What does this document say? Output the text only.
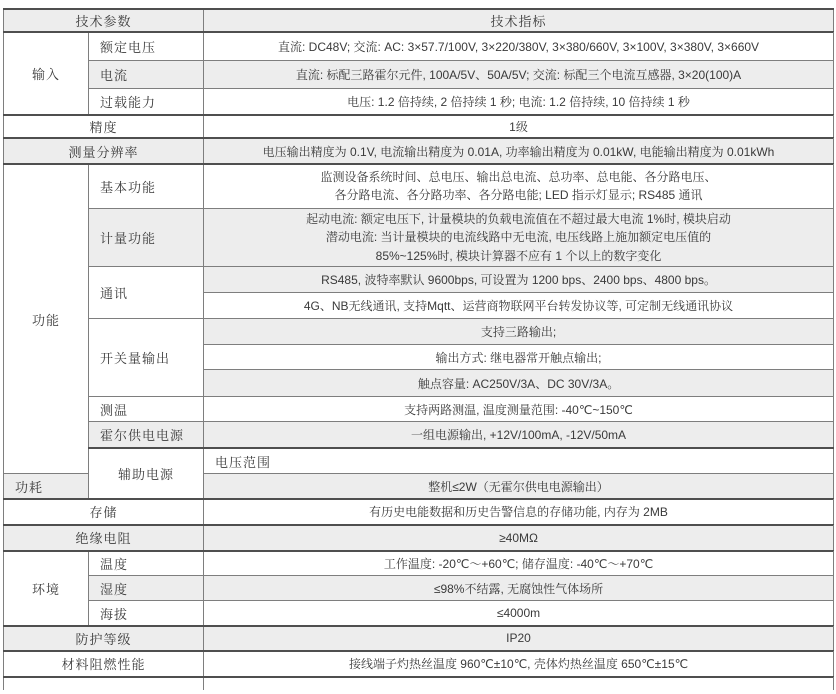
技术参数		技术指标	
输入	额定电压	直流: DC48V; 交流: AC: 3×57.7/100V, 3×220/380V, 3×380/660V, 3×100V, 3×380V, 3×660V	
	电流	直流: 标配三路霍尔元件, 100A/5V、50A/5V; 交流: 标配三个电流互感器, 3×20(100)A	
	过载能力	电压: 1.2 倍持续, 2 倍持续 1 秒; 电流: 1.2 倍持续, 10 倍持续 1 秒	
精度		1级	
测量分辨率		电压输出精度为 0.1V, 电流输出精度为 0.01A, 功率输出精度为 0.01kW, 电能输出精度为 0.01kWh	
功能	基本功能	监测设备系统时间、总电压、输出总电流、总功率、总电能、各分路电压、
各分路电流、各分路功率、各分路电能; LED 指示灯显示; RS485 通讯	

	计量功能	起动电流: 额定电压下, 计量模块的负载电流值在不超过最大电流 1%时, 模块启动
潜动电流: 当计量模块的电流线路中无电流, 电压线路上施加额定电压值的
85%~125%时, 模块计算器不应有 1 个以上的数字变化	

	通讯	RS485, 波特率默认 9600bps, 可设置为 1200 bps、2400 bps、4800 bps。	
		4G、NB无线通讯, 支持Mqtt、运营商物联网平台转发协议等, 可定制无线通讯协议	
	开关量输出	支持三路输出;	
		输出方式: 继电器常开触点输出;	
		触点容量: AC250V/3A、DC 30V/3A。	
	测温	支持两路测温, 温度测量范围: -40℃~150℃	
	霍尔供电电源	一组电源输出, +12V/100mA, -12V/50mA	
	辅助电源	电压范围	
功耗		整机≤2W（无霍尔供电电源输出）	
存储		有历史电能数据和历史告警信息的存储功能, 内存为 2MB	
绝缘电阻		≥40MΩ	
环境	温度	工作温度: -20℃～+60℃; 储存温度: -40℃～+70℃	
	湿度	≤98%不结露, 无腐蚀性气体场所	
	海拔	≤4000m	
防护等级		IP20	
材料阻燃性能		接线端子灼热丝温度 960℃±10℃, 壳体灼热丝温度 650℃±15℃	
